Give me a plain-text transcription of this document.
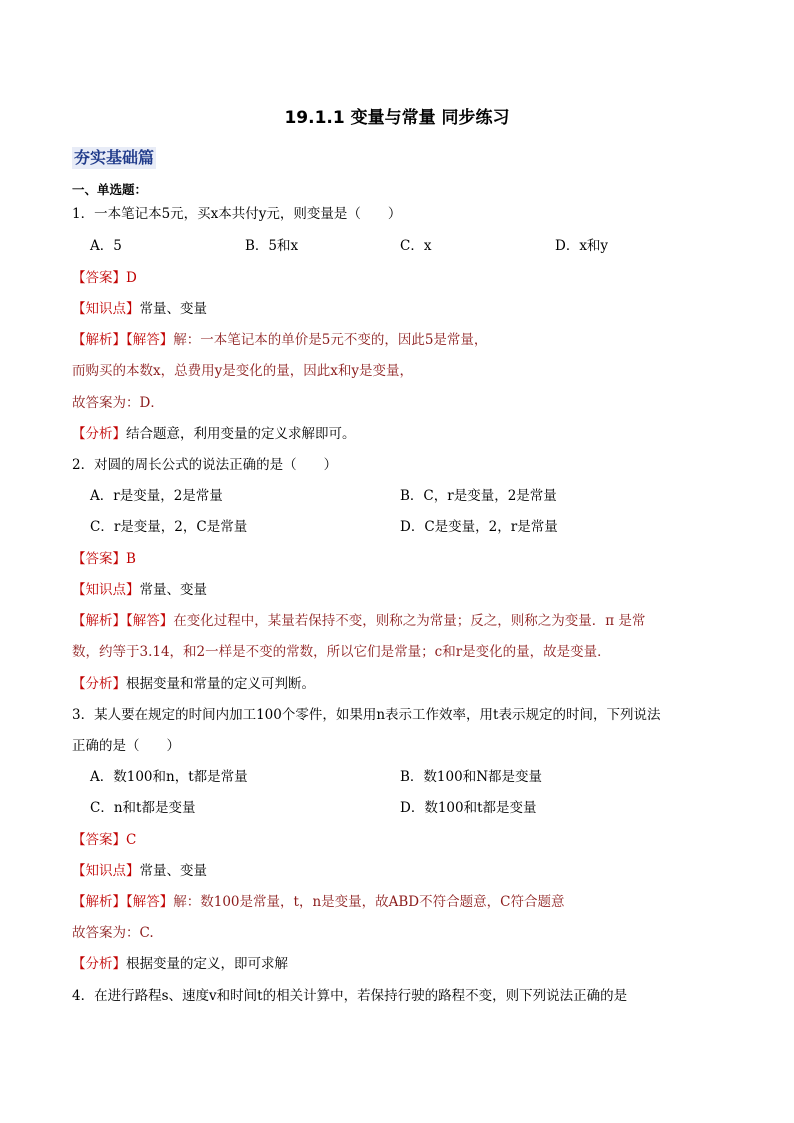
19.1.1 变量与常量 同步练习
夯实基础篇
一、单选题：
1．一本笔记本5元，买x本共付y元，则变量是（　　）
A．5	B．5和x	C．x	D．x和y
【答案】D
【知识点】常量、变量
【解析】【解答】解：一本笔记本的单价是5元不变的，因此5是常量，
而购买的本数x，总费用y是变化的量，因此x和y是变量，
故答案为：D．
【分析】结合题意，利用变量的定义求解即可。
2．对圆的周长公式的说法正确的是（　　）
A．r是变量，2是常量	B．C，r是变量，2是常量
C．r是变量，2，C是常量	D．C是变量，2，r是常量
【答案】B
【知识点】常量、变量
【解析】【解答】在变化过程中，某量若保持不变，则称之为常量；反之，则称之为变量．π 是常
数，约等于3.14，和2一样是不变的常数，所以它们是常量；c和r是变化的量，故是变量．
【分析】根据变量和常量的定义可判断。
3．某人要在规定的时间内加工100个零件，如果用n表示工作效率，用t表示规定的时间，下列说法
正确的是（　　）
A．数100和n，t都是常量	B．数100和N都是变量
C．n和t都是变量	D．数100和t都是变量
【答案】C
【知识点】常量、变量
【解析】【解答】解：数100是常量，t，n是变量，故ABD不符合题意，C符合题意
故答案为：C.
【分析】根据变量的定义，即可求解
4．在进行路程s、速度v和时间t的相关计算中，若保持行驶的路程不变，则下列说法正确的是
